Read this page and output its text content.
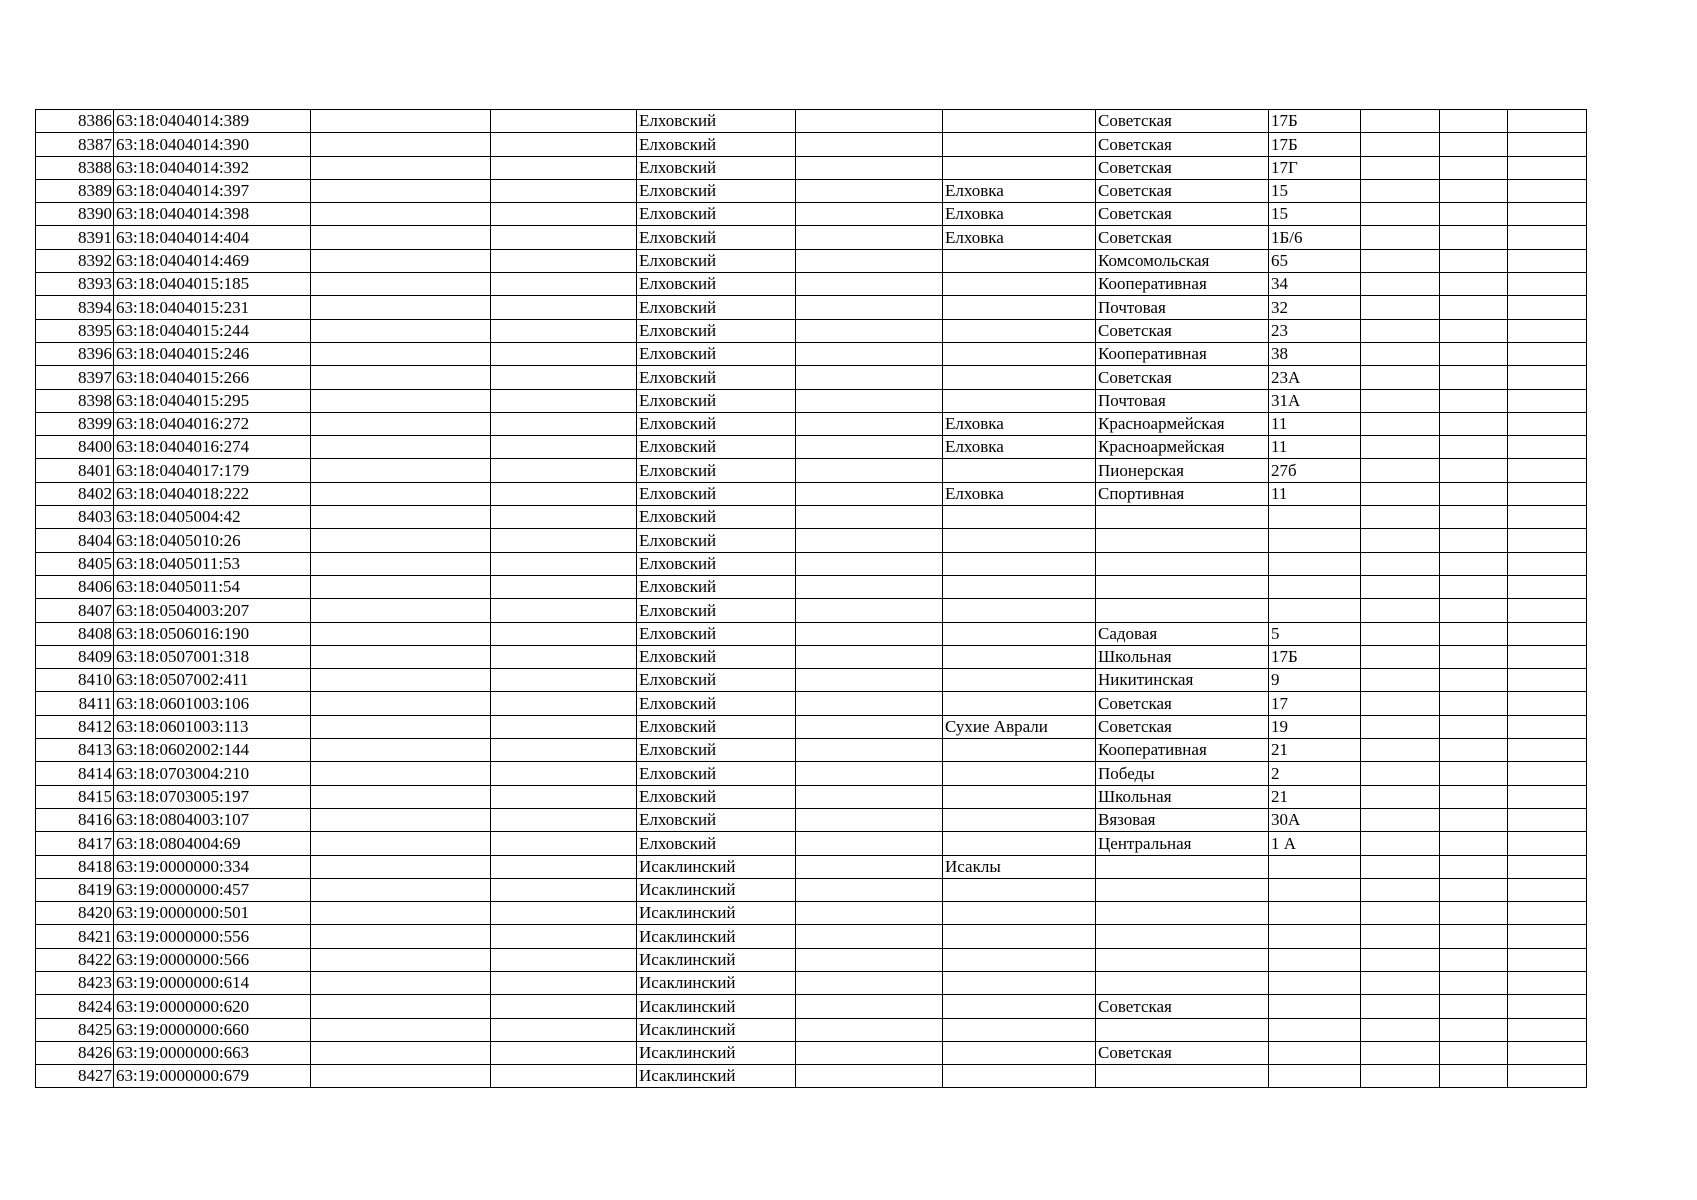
8386	63:18:0404014:389			Елховский			Советская	17Б			
8387	63:18:0404014:390			Елховский			Советская	17Б			
8388	63:18:0404014:392			Елховский			Советская	17Г			
8389	63:18:0404014:397			Елховский		Елховка	Советская	15			
8390	63:18:0404014:398			Елховский		Елховка	Советская	15			
8391	63:18:0404014:404			Елховский		Елховка	Советская	1Б/6			
8392	63:18:0404014:469			Елховский			Комсомольская	65			
8393	63:18:0404015:185			Елховский			Кооперативная	34			
8394	63:18:0404015:231			Елховский			Почтовая	32			
8395	63:18:0404015:244			Елховский			Советская	23			
8396	63:18:0404015:246			Елховский			Кооперативная	38			
8397	63:18:0404015:266			Елховский			Советская	23А			
8398	63:18:0404015:295			Елховский			Почтовая	31А			
8399	63:18:0404016:272			Елховский		Елховка	Красноармейская	11			
8400	63:18:0404016:274			Елховский		Елховка	Красноармейская	11			
8401	63:18:0404017:179			Елховский			Пионерская	27б			
8402	63:18:0404018:222			Елховский		Елховка	Спортивная	11			
8403	63:18:0405004:42			Елховский							
8404	63:18:0405010:26			Елховский							
8405	63:18:0405011:53			Елховский							
8406	63:18:0405011:54			Елховский							
8407	63:18:0504003:207			Елховский							
8408	63:18:0506016:190			Елховский			Садовая	5			
8409	63:18:0507001:318			Елховский			Школьная	17Б			
8410	63:18:0507002:411			Елховский			Никитинская	9			
8411	63:18:0601003:106			Елховский			Советская	17			
8412	63:18:0601003:113			Елховский		Сухие Аврали	Советская	19			
8413	63:18:0602002:144			Елховский			Кооперативная	21			
8414	63:18:0703004:210			Елховский			Победы	2			
8415	63:18:0703005:197			Елховский			Школьная	21			
8416	63:18:0804003:107			Елховский			Вязовая	30А			
8417	63:18:0804004:69			Елховский			Центральная	1 А			
8418	63:19:0000000:334			Исаклинский		Исаклы					
8419	63:19:0000000:457			Исаклинский							
8420	63:19:0000000:501			Исаклинский							
8421	63:19:0000000:556			Исаклинский							
8422	63:19:0000000:566			Исаклинский							
8423	63:19:0000000:614			Исаклинский							
8424	63:19:0000000:620			Исаклинский			Советская				
8425	63:19:0000000:660			Исаклинский							
8426	63:19:0000000:663			Исаклинский			Советская				
8427	63:19:0000000:679			Исаклинский							
